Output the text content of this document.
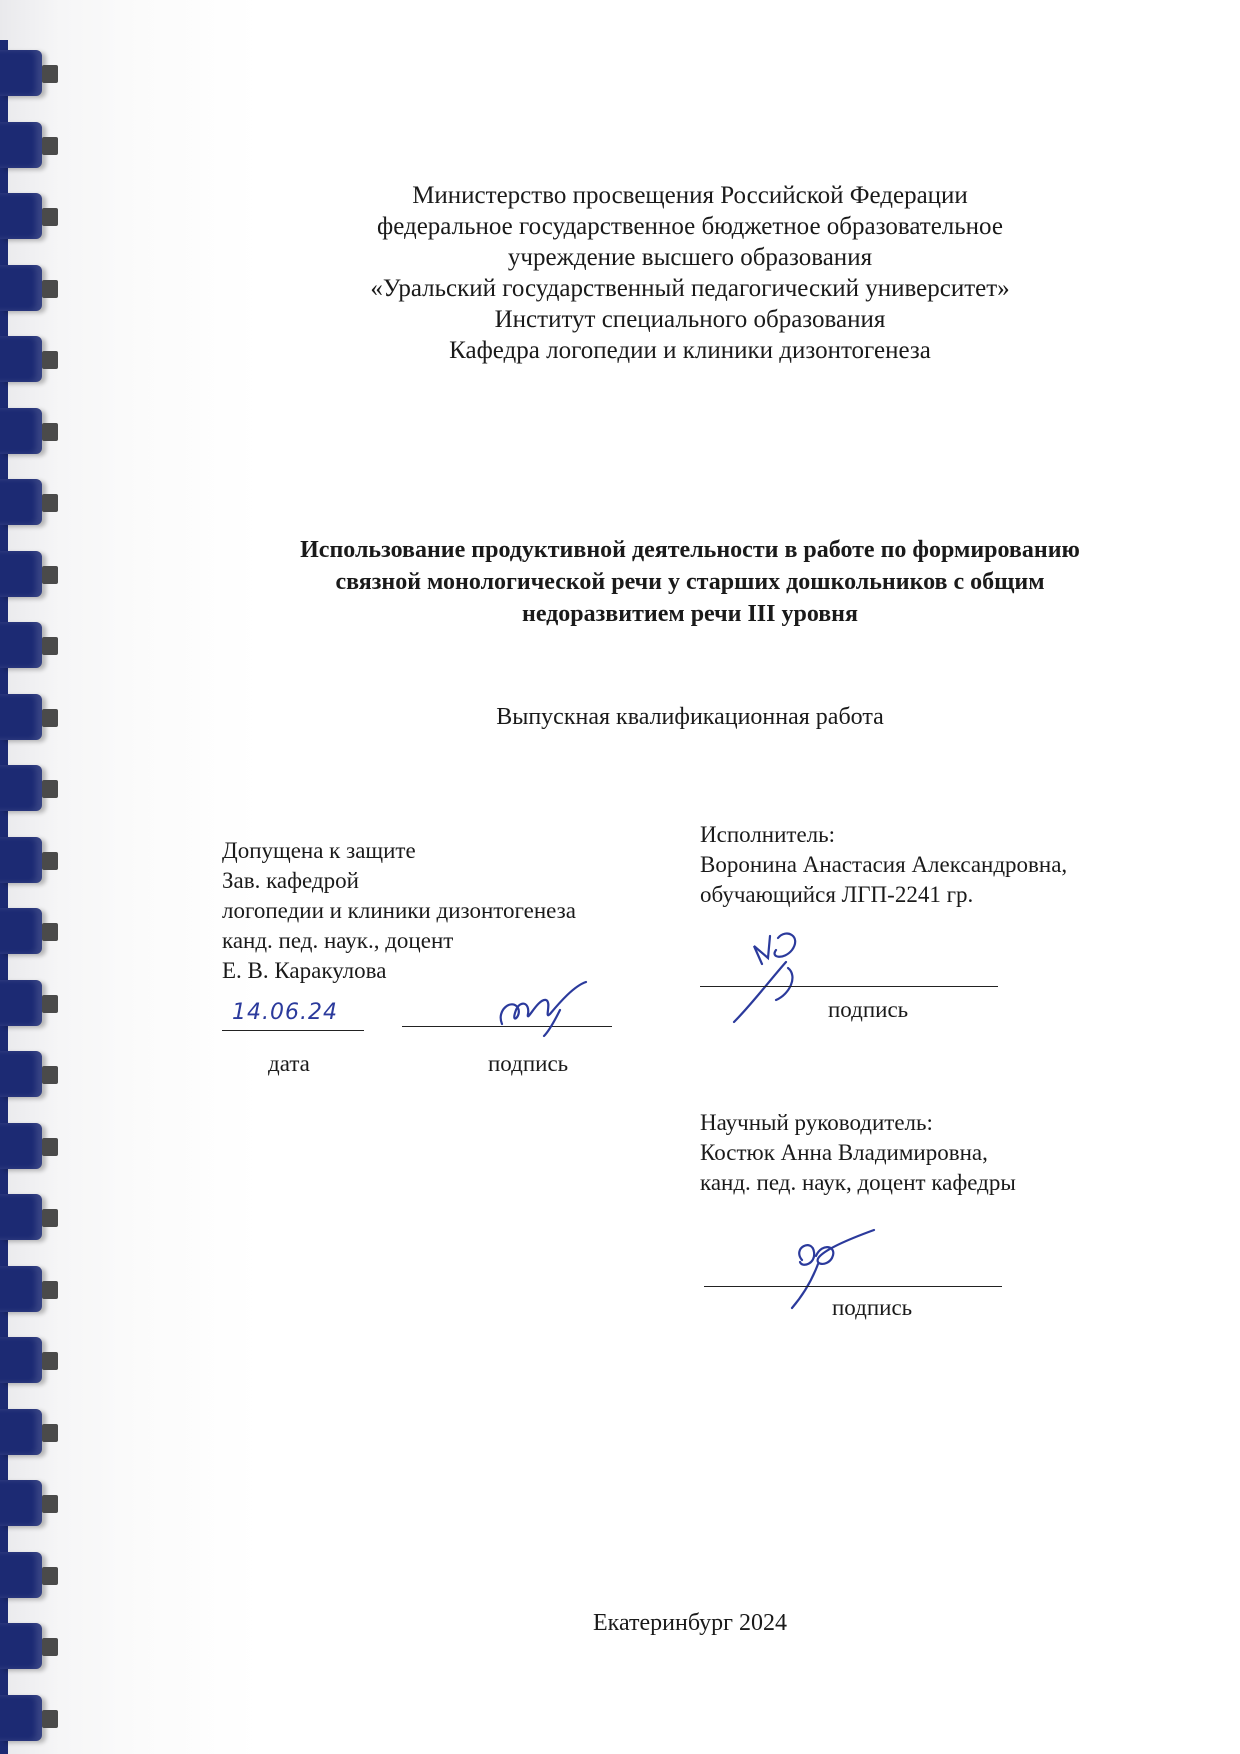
Министерство просвещения Российской Федерации
федеральное государственное бюджетное образовательное
учреждение высшего образования
«Уральский государственный педагогический университет»
Институт специального образования
Кафедра логопедии и клиники дизонтогенеза
Использование продуктивной деятельности в работе по формированию
связной монологической речи у старших дошкольников с общим
недоразвитием речи III уровня
Выпускная квалификационная работа
Допущена к защите
Зав. кафедрой
логопедии и клиники дизонтогенеза
канд. пед. наук., доцент
Е. В. Каракулова
14.06.24
дата	подпись
Исполнитель:
Воронина Анастасия Александровна,
обучающийся ЛГП-2241 гр.
подпись
Научный руководитель:
Костюк Анна Владимировна,
канд. пед. наук, доцент кафедры
подпись
Екатеринбург 2024
